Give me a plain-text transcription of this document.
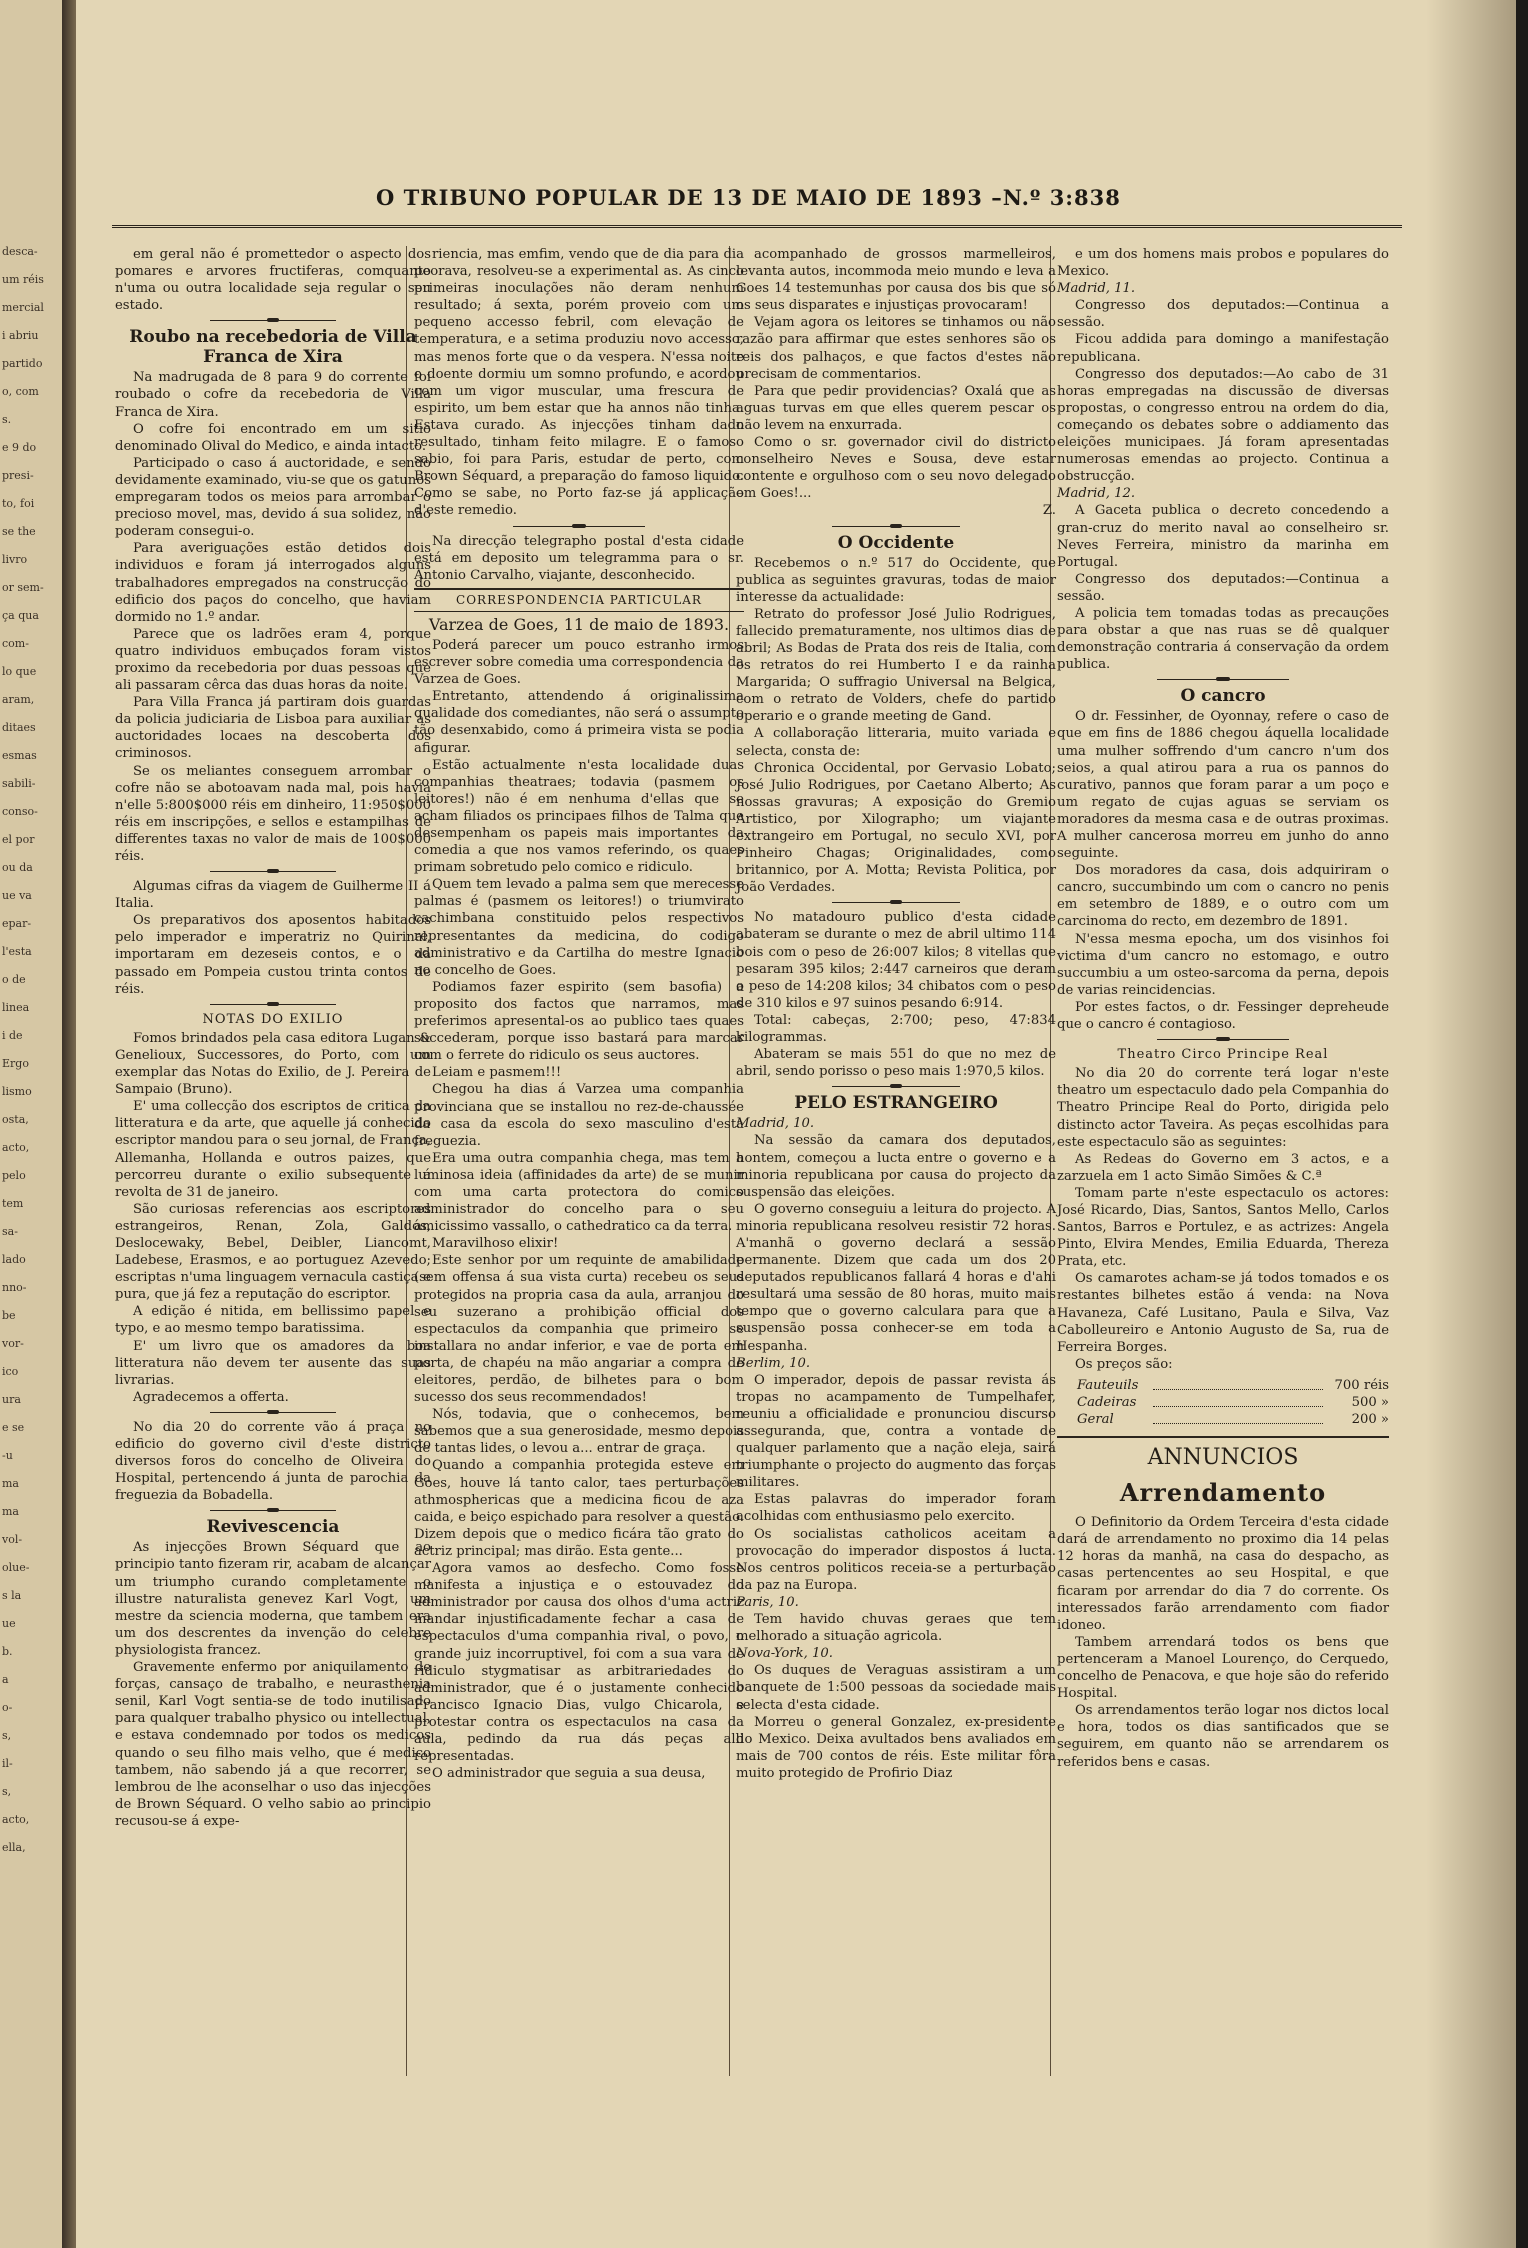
desca-
um réis
mercial
i abriu
partido
o, com
s.
e 9 do
presi-
to, foi
se the
livro
or sem-
ça qua
com-
lo que
aram,
ditaes
esmas
sabili-
conso-
el por
ou da
ue va
epar-
l'esta
o de
linea
i de
Ergo
lismo
osta,
acto,
pelo
tem
sa-
lado
nno-
be
vor-
ico
ura
e se
-u
ma
ma
vol-
olue-
s la
ue
b.
a
o-
s,
il-
s,
acto,
ella,
O TRIBUNO POPULAR DE 13 DE MAIO DE 1893 –N.º 3:838

em geral não é promettedor o aspecto dos pomares e arvores fructiferas, comquanto n'uma ou outra localidade seja regular o seu estado.

Roubo na recebedoria de Villa Franca de Xira

Na madrugada de 8 para 9 do corrente foi roubado o cofre da recebedoria de Villa Franca de Xira.

O cofre foi encontrado em um sitio denominado Olival do Medico, e ainda intacto.

Participado o caso á auctoridade, e sendo devidamente examinado, viu-se que os gatunos empregaram todos os meios para arrombar o precioso movel, mas, devido á sua solidez, não poderam consegui-o.

Para averiguações estão detidos dois individuos e foram já interrogados alguns trabalhadores empregados na construcção do edificio dos paços do concelho, que haviam dormido no 1.º andar.

Parece que os ladrões eram 4, porque quatro individuos embuçados foram vistos proximo da recebedoria por duas pessoas que ali passaram cêrca das duas horas da noite.

Para Villa Franca já partiram dois guardas da policia judiciaria de Lisboa para auxiliar as auctoridades locaes na descoberta dos criminosos.

Se os meliantes conseguem arrombar o cofre não se abotoavam nada mal, pois havia n'elle 5:800$000 réis em dinheiro, 11:950$000 réis em inscripções, e sellos e estampilhas de differentes taxas no valor de mais de 100$000 réis.

Algumas cifras da viagem de Guilherme II á Italia.

Os preparativos dos aposentos habitados pelo imperador e imperatriz no Quirinal, importaram em dezeseis contos, e o da passado em Pompeia custou trinta contos de réis.

NOTAS DO EXILIO

Fomos brindados pela casa editora Lugan & Genelioux, Successores, do Porto, com um exemplar das Notas do Exilio, de J. Pereira de Sampaio (Bruno).

E' uma collecção dos escriptos de critica da litteratura e da arte, que aquelle já conhecido escriptor mandou para o seu jornal, de França, Allemanha, Hollanda e outros paizes, que percorreu durante o exilio subsequente á revolta de 31 de janeiro.

São curiosas referencias aos escriptores estrangeiros, Renan, Zola, Galdós, Deslocewaky, Bebel, Deibler, Liancomt, Ladebese, Erasmos, e ao portuguez Azevedo; escriptas n'uma linguagem vernacula castiça e pura, que já fez a reputação do escriptor.

A edição é nitida, em bellissimo papel e typo, e ao mesmo tempo baratissima.

E' um livro que os amadores da boa litteratura não devem ter ausente das suas livrarias.

Agradecemos a offerta.

No dia 20 do corrente vão á praça no edificio do governo civil d'este districto diversos foros do concelho de Oliveira do Hospital, pertencendo á junta de parochia da freguezia da Bobadella.

Revivescencia

As injecções Brown Séquard que ao principio tanto fizeram rir, acabam de alcançar um triumpho curando completamente o illustre naturalista genevez Karl Vogt, um mestre da sciencia moderna, que tambem era um dos descrentes da invenção do celebre physiologista francez.

Gravemente enfermo por aniquilamento de forças, cansaço de trabalho, e neurasthenia senil, Karl Vogt sentia-se de todo inutilisado para qualquer trabalho physico ou intellectual, e estava condemnado por todos os medicos quando o seu filho mais velho, que é medico tambem, não sabendo já a que recorrer, se lembrou de lhe aconselhar o uso das injecções de Brown Séquard. O velho sabio ao principio recusou-se á expe-

riencia, mas emfim, vendo que de dia para dia peorava, resolveu-se a experimental as. As cinco primeiras inoculações não deram nenhum resultado; á sexta, porém proveio com um pequeno accesso febril, com elevação de temperatura, e a setima produziu novo accesso, mas menos forte que o da vespera. N'essa noite o doente dormiu um somno profundo, e acordou com um vigor muscular, uma frescura de espirito, um bem estar que ha annos não tinha. Estava curado. As injecções tinham dado resultado, tinham feito milagre. E o famoso sabio, foi para Paris, estudar de perto, com Brown Séquard, a preparação do famoso liquido. Como se sabe, no Porto faz-se já applicação d'este remedio.

Na direcção telegrapho postal d'esta cidade está em deposito um telegramma para o sr. Antonio Carvalho, viajante, desconhecido.

CORRESPONDENCIA PARTICULAR
Varzea de Goes, 11 de maio de 1893.

Poderá parecer um pouco estranho irmos escrever sobre comedia uma correspondencia da Varzea de Goes.

Entretanto, attendendo á originalissima qualidade dos comediantes, não será o assumpto tão desenxabido, como á primeira vista se podia afigurar.

Estão actualmente n'esta localidade duas companhias theatraes; todavia (pasmem os leitores!) não é em nenhuma d'ellas que se acham filiados os principaes filhos de Talma que desempenham os papeis mais importantes da comedia a que nos vamos referindo, os quaes primam sobretudo pelo comico e ridiculo.

Quem tem levado a palma sem que merecesse palmas é (pasmem os leitores!) o triumvirato cachimbana constituido pelos respectivos representantes da medicina, do codigo administrativo e da Cartilha do mestre Ignacio no concelho de Goes.

Podiamos fazer espirito (sem basofia) a proposito dos factos que narramos, mas preferimos apresental-os ao publico taes quaes succederam, porque isso bastará para marcar com o ferrete do ridiculo os seus auctores.

Leiam e pasmem!!!

Chegou ha dias á Varzea uma companhia provinciana que se installou no rez-de-chaussée da casa da escola do sexo masculino d'esta freguezia.

Era uma outra companhia chega, mas tem a luminosa ideia (affinidades da arte) de se munir com uma carta protectora do comico administrador do concelho para o seu amicissimo vassallo, o cathedratico ca da terra.

Maravilhoso elixir!

Este senhor por um requinte de amabilidade (sem offensa á sua vista curta) recebeu os seus protegidos na propria casa da aula, arranjou do seu suzerano a prohibição official dos espectaculos da companhia que primeiro se installara no andar inferior, e vae de porta em porta, de chapéu na mão angariar a compra de eleitores, perdão, de bilhetes para o bom sucesso dos seus recommendados!

Nós, todavia, que o conhecemos, bem sabemos que a sua generosidade, mesmo depois de tantas lides, o levou a... entrar de graça.

Quando a companhia protegida esteve em Goes, houve lá tanto calor, taes perturbações athmosphericas que a medicina ficou de aza caida, e beiço espichado para resolver a questão. Dizem depois que o medico ficára tão grato do actriz principal; mas dirão. Esta gente...

Agora vamos ao desfecho. Como fosse manifesta a injustiça e o estouvadez do administrador por causa dos olhos d'uma actriz mandar injustificadamente fechar a casa de espectaculos d'uma companhia rival, o povo, o grande juiz incorruptivel, foi com a sua vara de ridiculo stygmatisar as arbitrariedades do administrador, que é o justamente conhecido Francisco Ignacio Dias, vulgo Chicarola, e protestar contra os espectaculos na casa da aula, pedindo da rua dás peças alli representadas.

O administrador que seguia a sua deusa,

acompanhado de grossos marmelleiros, levanta autos, incommoda meio mundo e leva a Goes 14 testemunhas por causa dos bis que só os seus disparates e injustiças provocaram!

Vejam agora os leitores se tinhamos ou não razão para affirmar que estes senhores são os reis dos palhaços, e que factos d'estes não precisam de commentarios.

Para que pedir providencias? Oxalá que as aguas turvas em que elles querem pescar os não levem na enxurrada.

Como o sr. governador civil do districto conselheiro Neves e Sousa, deve estar contente e orgulhoso com o seu novo delegado em Goes!...

Z.
O Occidente

Recebemos o n.º 517 do Occidente, que publica as seguintes gravuras, todas de maior interesse da actualidade:

Retrato do professor José Julio Rodrigues, fallecido prematuramente, nos ultimos dias de abril; As Bodas de Prata dos reis de Italia, com os retratos do rei Humberto I e da rainha Margarida; O suffragio Universal na Belgica, com o retrato de Volders, chefe do partido operario e o grande meeting de Gand.

A collaboração litteraria, muito variada e selecta, consta de:

Chronica Occidental, por Gervasio Lobato; José Julio Rodrigues, por Caetano Alberto; As nossas gravuras; A exposição do Gremio Artistico, por Xilographo; um viajante extrangeiro em Portugal, no seculo XVI, por Pinheiro Chagas; Originalidades, como britannico, por A. Motta; Revista Politica, por João Verdades.

No matadouro publico d'esta cidade abateram se durante o mez de abril ultimo 114 bois com o peso de 26:007 kilos; 8 vitellas que pesaram 395 kilos; 2:447 carneiros que deram o peso de 14:208 kilos; 34 chibatos com o peso de 310 kilos e 97 suinos pesando 6:914.

Total: cabeças, 2:700; peso, 47:834 kilogrammas.

Abateram se mais 551 do que no mez de abril, sendo porisso o peso mais 1:970,5 kilos.

PELO ESTRANGEIRO
Madrid, 10.

Na sessão da camara dos deputados, hontem, começou a lucta entre o governo e a minoria republicana por causa do projecto da suspensão das eleições.

O governo conseguiu a leitura do projecto. A minoria republicana resolveu resistir 72 horas. A'manhã o governo declará a sessão permanente. Dizem que cada um dos 20 deputados republicanos fallará 4 horas e d'ahi resultará uma sessão de 80 horas, muito mais tempo que o governo calculara para que a suspensão possa conhecer-se em toda a Hespanha.

Berlim, 10.

O imperador, depois de passar revista ás tropas no acampamento de Tumpelhafer, reuniu a officialidade e pronunciou discurso asseguranda, que, contra a vontade de qualquer parlamento que a nação eleja, sairá triumphante o projecto do augmento das forças militares.

Estas palavras do imperador foram acolhidas com enthusiasmo pelo exercito.

Os socialistas catholicos aceitam a provocação do imperador dispostos á lucta. Nos centros politicos receia-se a perturbação da paz na Europa.

Paris, 10.

Tem havido chuvas geraes que tem melhorado a situação agricola.

Nova-York, 10.

Os duques de Veraguas assistiram a um banquete de 1:500 pessoas da sociedade mais selecta d'esta cidade.

Morreu o general Gonzalez, ex-presidente do Mexico. Deixa avultados bens avaliados em mais de 700 contos de réis. Este militar fôra muito protegido de Profirio Diaz

e um dos homens mais probos e populares do Mexico.

Madrid, 11.

Congresso dos deputados:—Continua a sessão.

Ficou addida para domingo a manifestação republicana.

Congresso dos deputados:—Ao cabo de 31 horas empregadas na discussão de diversas propostas, o congresso entrou na ordem do dia, começando os debates sobre o addiamento das eleições municipaes. Já foram apresentadas numerosas emendas ao projecto. Continua a obstrucção.

Madrid, 12.

A Gaceta publica o decreto concedendo a gran-cruz do merito naval ao conselheiro sr. Neves Ferreira, ministro da marinha em Portugal.

Congresso dos deputados:—Continua a sessão.

A policia tem tomadas todas as precauções para obstar a que nas ruas se dê qualquer demonstração contraria á conservação da ordem publica.

O cancro

O dr. Fessinher, de Oyonnay, refere o caso de que em fins de 1886 chegou áquella localidade uma mulher soffrendo d'um cancro n'um dos seios, a qual atirou para a rua os pannos do curativo, pannos que foram parar a um poço e um regato de cujas aguas se serviam os moradores da mesma casa e de outras proximas. A mulher cancerosa morreu em junho do anno seguinte.

Dos moradores da casa, dois adquiriram o cancro, succumbindo um com o cancro no penis em setembro de 1889, e o outro com um carcinoma do recto, em dezembro de 1891.

N'essa mesma epocha, um dos visinhos foi victima d'um cancro no estomago, e outro succumbiu a um osteo-sarcoma da perna, depois de varias reincidencias.

Por estes factos, o dr. Fessinger depreheude que o cancro é contagioso.

Theatro Circo Principe Real

No dia 20 do corrente terá logar n'este theatro um espectaculo dado pela Companhia do Theatro Principe Real do Porto, dirigida pelo distincto actor Taveira. As peças escolhidas para este espectaculo são as seguintes:

As Redeas do Governo em 3 actos, e a zarzuela em 1 acto Simão Simões & C.ª

Tomam parte n'este espectaculo os actores: José Ricardo, Dias, Santos, Santos Mello, Carlos Santos, Barros e Portulez, e as actrizes: Angela Pinto, Elvira Mendes, Emilia Eduarda, Thereza Prata, etc.

Os camarotes acham-se já todos tomados e os restantes bilhetes estão á venda: na Nova Havaneza, Café Lusitano, Paula e Silva, Vaz Cabolleureiro e Antonio Augusto de Sa, rua de Ferreira Borges.

Os preços são:

Fauteuils	700 réis
Cadeiras	500 »
Geral	200 »
ANNUNCIOS
Arrendamento

O Definitorio da Ordem Terceira d'esta cidade dará de arrendamento no proximo dia 14 pelas 12 horas da manhã, na casa do despacho, as casas pertencentes ao seu Hospital, e que ficaram por arrendar do dia 7 do corrente. Os interessados farão arrendamento com fiador idoneo.

Tambem arrendará todos os bens que pertenceram a Manoel Lourenço, do Cerquedo, concelho de Penacova, e que hoje são do referido Hospital.

Os arrendamentos terão logar nos dictos local e hora, todos os dias santificados que se seguirem, em quanto não se arrendarem os referidos bens e casas.
